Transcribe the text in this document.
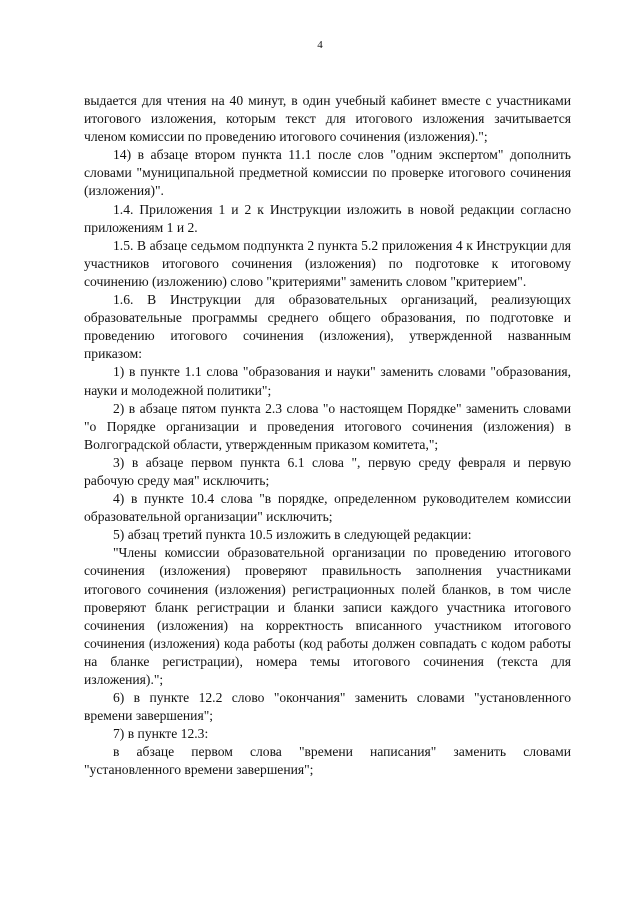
4

выдается для чтения на 40 минут, в один учебный кабинет вместе с участниками итогового изложения, которым текст для итогового изложения зачитывается членом комиссии по проведению итогового сочинения (изложения).";

14) в абзаце втором пункта 11.1 после слов "одним экспертом" дополнить словами "муниципальной предметной комиссии по проверке итогового сочинения (изложения)".

1.4. Приложения 1 и 2 к Инструкции изложить в новой редакции согласно приложениям 1 и 2.

1.5. В абзаце седьмом подпункта 2 пункта 5.2 приложения 4 к Инструкции для участников итогового сочинения (изложения) по подготовке к итоговому сочинению (изложению) слово "критериями" заменить словом "критерием".

1.6. В Инструкции для образовательных организаций, реализующих образовательные программы среднего общего образования, по подготовке и проведению итогового сочинения (изложения), утвержденной названным приказом:

1) в пункте 1.1 слова "образования и науки" заменить словами "образования, науки и молодежной политики";

2) в абзаце пятом пункта 2.3 слова "о настоящем Порядке" заменить словами "о Порядке организации и проведения итогового сочинения (изложения) в Волгоградской области, утвержденным приказом комитета,";

3) в абзаце первом пункта 6.1 слова ", первую среду февраля и первую рабочую среду мая" исключить;

4) в пункте 10.4 слова "в порядке, определенном руководителем комиссии образовательной организации" исключить;

5) абзац третий пункта 10.5 изложить в следующей редакции:

"Члены комиссии образовательной организации по проведению итогового сочинения (изложения) проверяют правильность заполнения участниками итогового сочинения (изложения) регистрационных полей бланков, в том числе проверяют бланк регистрации и бланки записи каждого участника итогового сочинения (изложения) на корректность вписанного участником итогового сочинения (изложения) кода работы (код работы должен совпадать с кодом работы на бланке регистрации), номера темы итогового сочинения (текста для изложения).";

6) в пункте 12.2 слово "окончания" заменить словами "установленного времени завершения";

7) в пункте 12.3:

в абзаце первом слова "времени написания" заменить словами "установленного времени завершения";
